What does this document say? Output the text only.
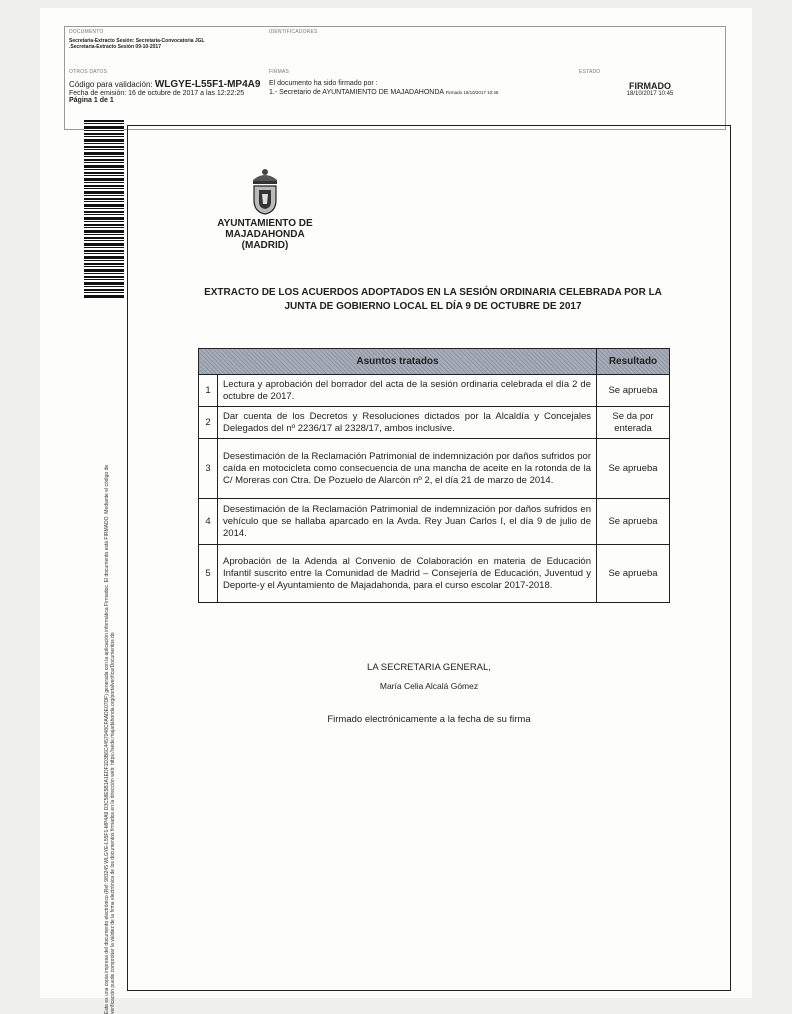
DOCUMENTO
Secretaria-Extracto Sesión: Secretaría-Convocatoria JGL
.Secretaría-Extracto Sesión 09-10-2017
IDENTIFICADORES
OTROS DATOS
Código para validación: WLGYE-L55F1-MP4A9
Fecha de emisión: 16 de octubre de 2017 a las 12:22:25
Página 1 de 1
FIRMAS
El documento ha sido firmado por :
1.- Secretario de AYUNTAMIENTO DE MAJADAHONDA Firmado 18/10/2017 10:45
ESTADO
FIRMADO
18/10/2017 10:45
Este es una copia impresa del documento electrónico (Ref: 983245 WLGYE-L55F1-MP4A9 D3C58E5B1A1EDF1D3B6C4457048CFAADE07DF) generada con la aplicación informática Firmadoc. El documento está FIRMADO. Mediante el código de verificación puede comprobar la validez de la firma electrónica de los documentos firmados en la dirección web: https://sede.majadahonda.org/portalverificarDocumentos.do
AYUNTAMIENTO DE
MAJADAHONDA
(MADRID)
EXTRACTO DE LOS ACUERDOS ADOPTADOS EN LA SESIÓN ORDINARIA CELEBRADA POR LA
JUNTA DE GOBIERNO LOCAL EL DÍA 9 DE OCTUBRE DE 2017
Asuntos tratados		Resultado
1	Lectura y aprobación del borrador del acta de la sesión ordinaria celebrada el día 2 de octubre de 2017.	Se aprueba
2	Dar cuenta de los Decretos y Resoluciones dictados por la Alcaldía y Concejales Delegados del nº 2236/17 al 2328/17, ambos inclusive.	Se da por enterada
3	Desestimación de la Reclamación Patrimonial de indemnización por daños sufridos por caída en motocicleta como consecuencia de una mancha de aceite en la rotonda de la C/ Moreras con Ctra. De Pozuelo de Alarcón nº 2, el día 21 de marzo de 2014.	Se aprueba
4	Desestimación de la Reclamación Patrimonial de indemnización por daños sufridos en vehículo que se hallaba aparcado en la Avda. Rey Juan Carlos I, el día 9 de julio de 2014.	Se aprueba
5	Aprobación de la Adenda al Convenio de Colaboración en materia de Educación Infantil suscrito entre la Comunidad de Madrid – Consejería de Educación, Juventud y Deporte-y el Ayuntamiento de Majadahonda, para el curso escolar 2017-2018.	Se aprueba
LA SECRETARIA GENERAL,
María Celia Alcalá Gómez
Firmado electrónicamente a la fecha de su firma
